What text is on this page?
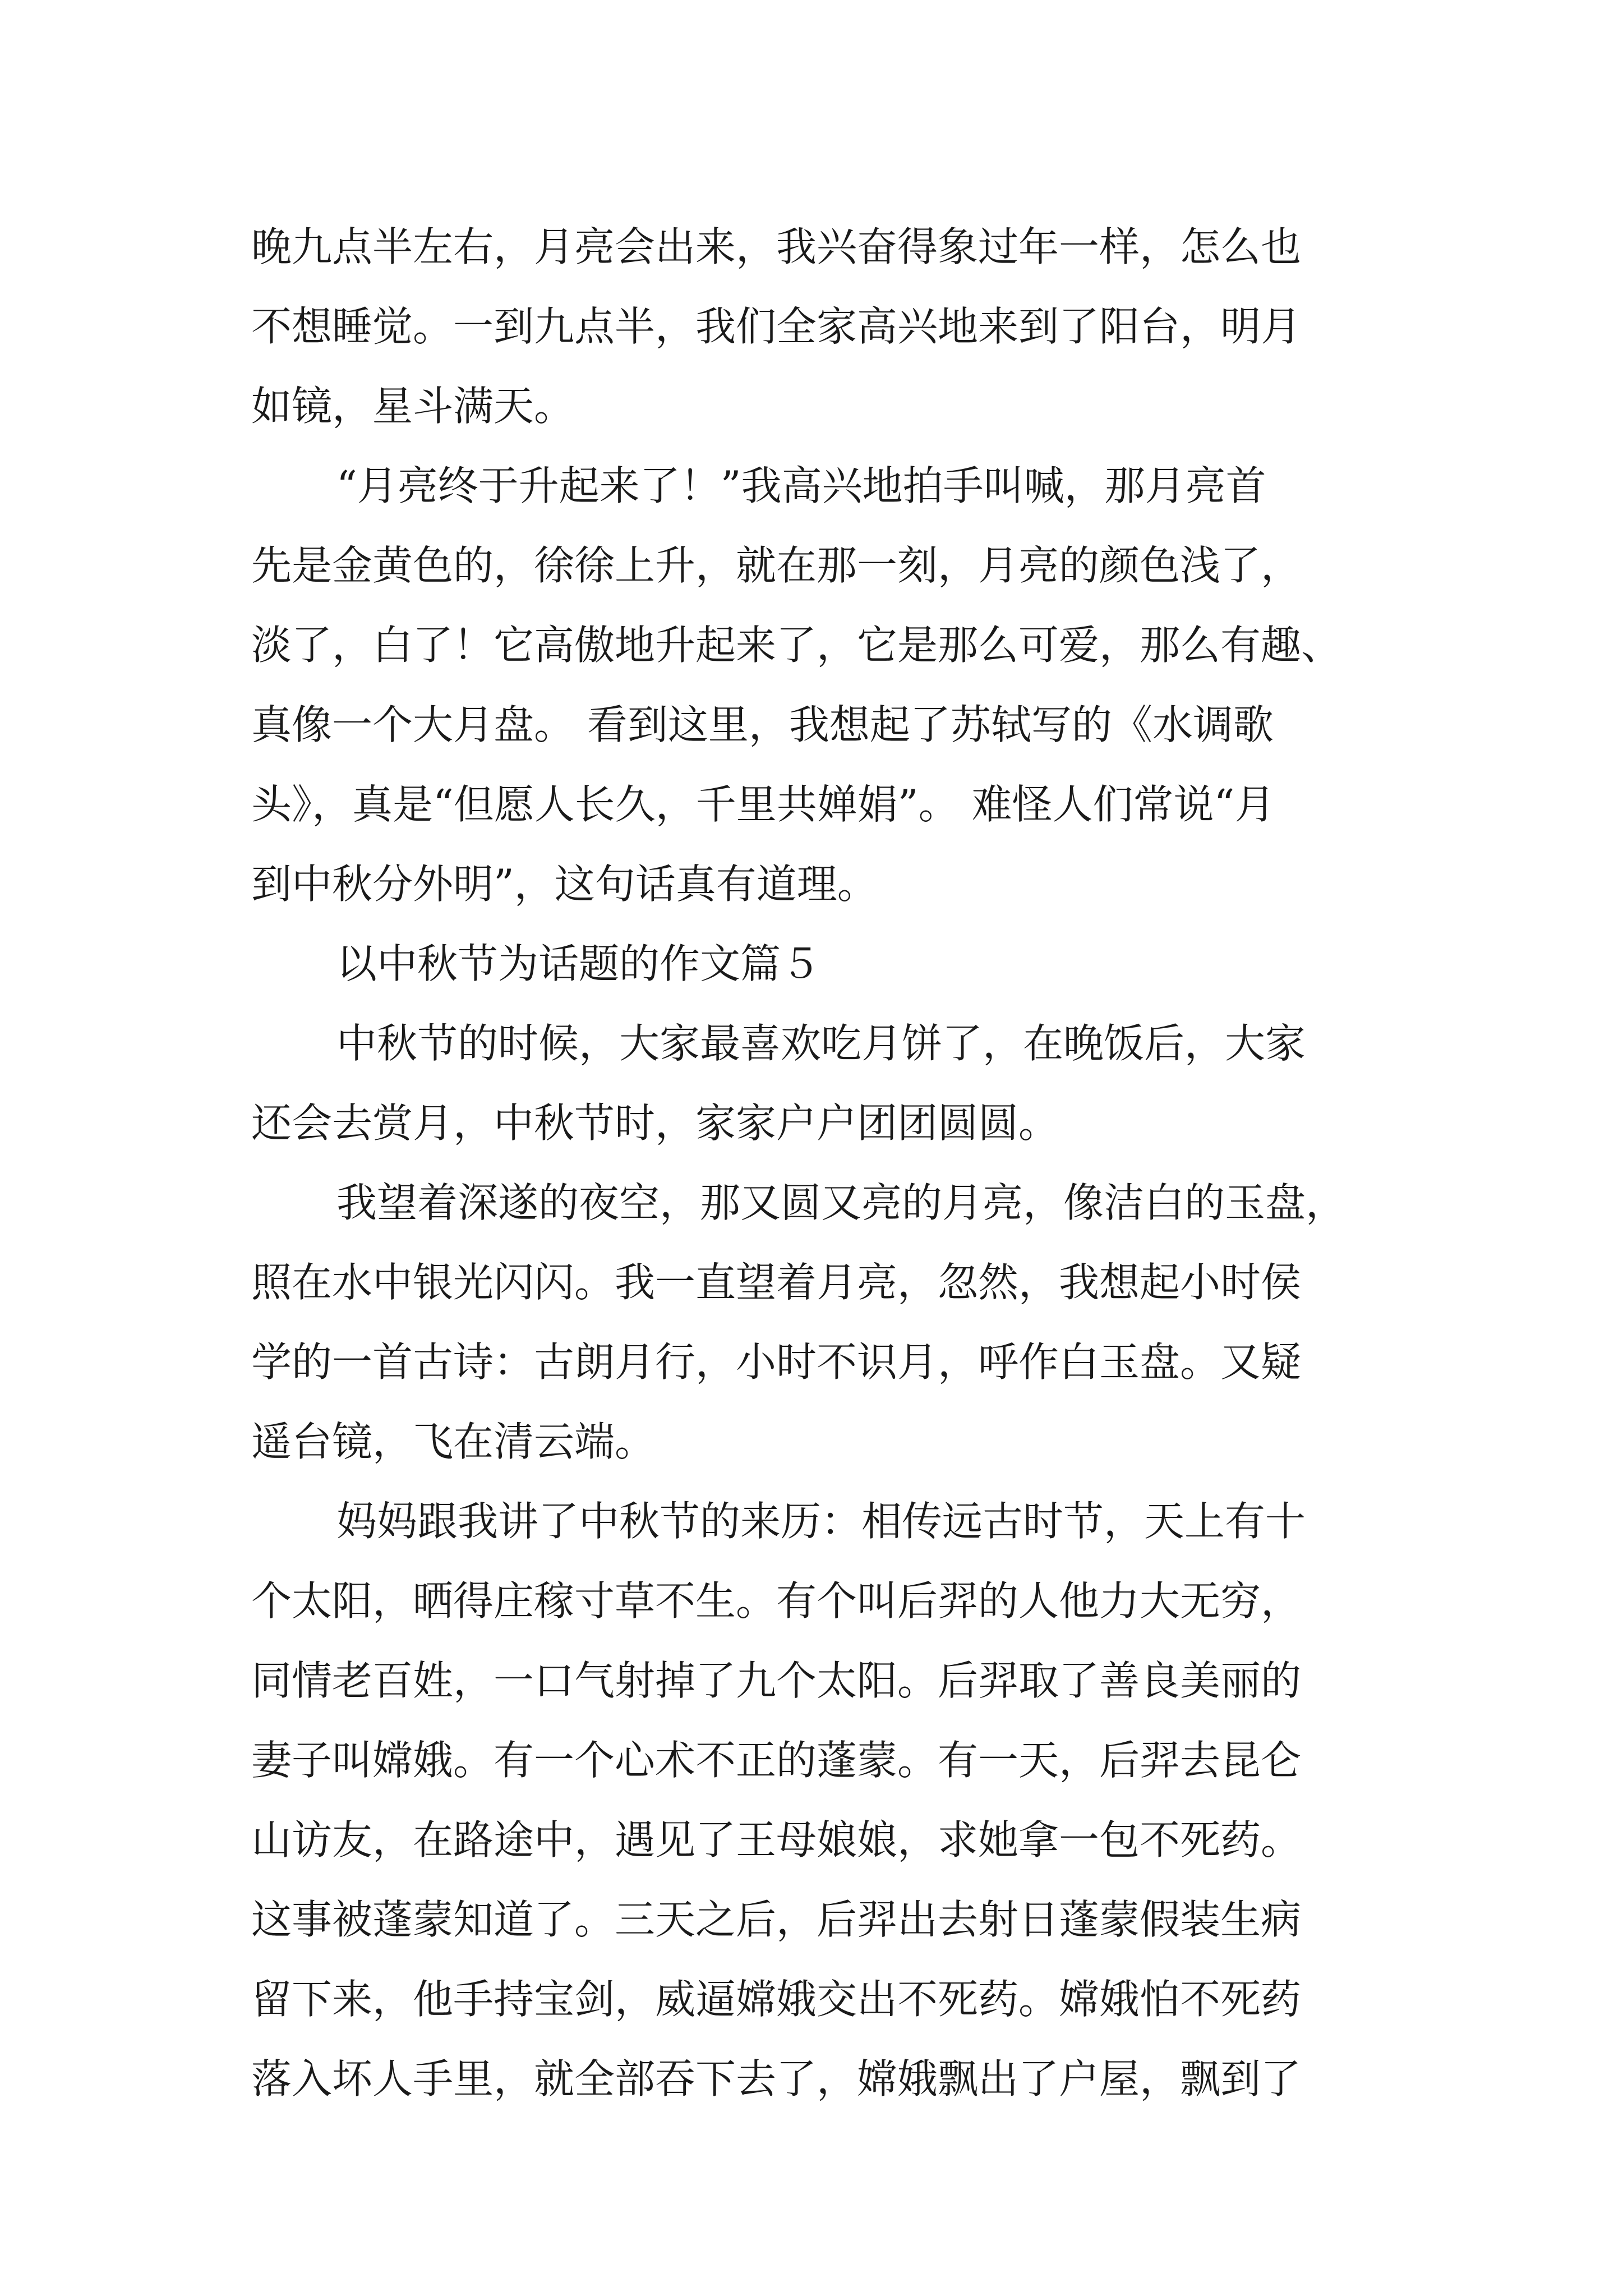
晚九点半左右，月亮会出来，我兴奋得象过年一样，怎么也
不想睡觉。一到九点半，我们全家高兴地来到了阳台，明月
如镜，星斗满天。
“月亮终于升起来了！”我高兴地拍手叫喊，那月亮首
先是金黄色的，徐徐上升，就在那一刻，月亮的颜色浅了，
淡了，白了！它高傲地升起来了，它是那么可爱，那么有趣、
真像一个大月盘。 看到这里，我想起了苏轼写的《水调歌
头》，真是“但愿人长久，千里共婵娟”。 难怪人们常说“月
到中秋分外明”，这句话真有道理。
以中秋节为话题的作文篇５
中秋节的时候，大家最喜欢吃月饼了，在晚饭后，大家
还会去赏月，中秋节时，家家户户团团圆圆。
我望着深遂的夜空，那又圆又亮的月亮，像洁白的玉盘，
照在水中银光闪闪。我一直望着月亮，忽然，我想起小时侯
学的一首古诗：古朗月行，小时不识月，呼作白玉盘。又疑
遥台镜，飞在清云端。
妈妈跟我讲了中秋节的来历：相传远古时节，天上有十
个太阳，晒得庄稼寸草不生。有个叫后羿的人他力大无穷，
同情老百姓，一口气射掉了九个太阳。后羿取了善良美丽的
妻子叫嫦娥。有一个心术不正的蓬蒙。有一天，后羿去昆仑
山访友，在路途中，遇见了王母娘娘，求她拿一包不死药。
这事被蓬蒙知道了。三天之后，后羿出去射日蓬蒙假装生病
留下来，他手持宝剑，威逼嫦娥交出不死药。嫦娥怕不死药
落入坏人手里，就全部吞下去了，嫦娥飘出了户屋，飘到了
